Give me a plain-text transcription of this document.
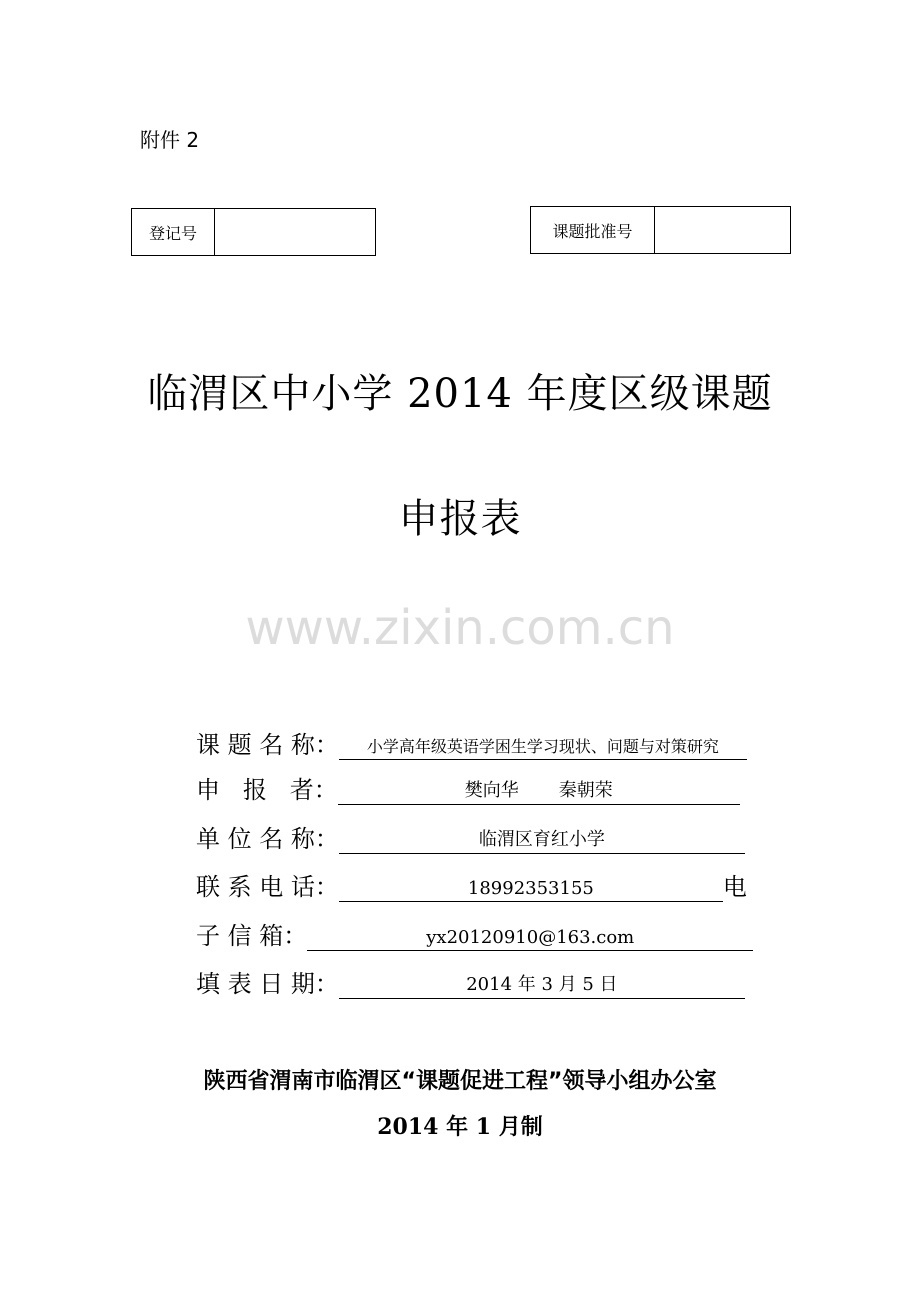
附件 2
登记号	课题批准号
临渭区中小学 2014 年度区级课题
申报表
www.zixin.com.cn
课 题 名 称：	小学高年级英语学困生学习现状、问题与对策研究
申   报   者：	樊向华       秦朝荣
单 位 名 称：	临渭区育红小学
联 系 电 话：	18992353155	电
子 信 箱：	yx20120910@163.com
填 表 日 期：	2014 年 3 月 5 日
陕西省渭南市临渭区“课题促进工程”领导小组办公室
2014 年 1 月制
